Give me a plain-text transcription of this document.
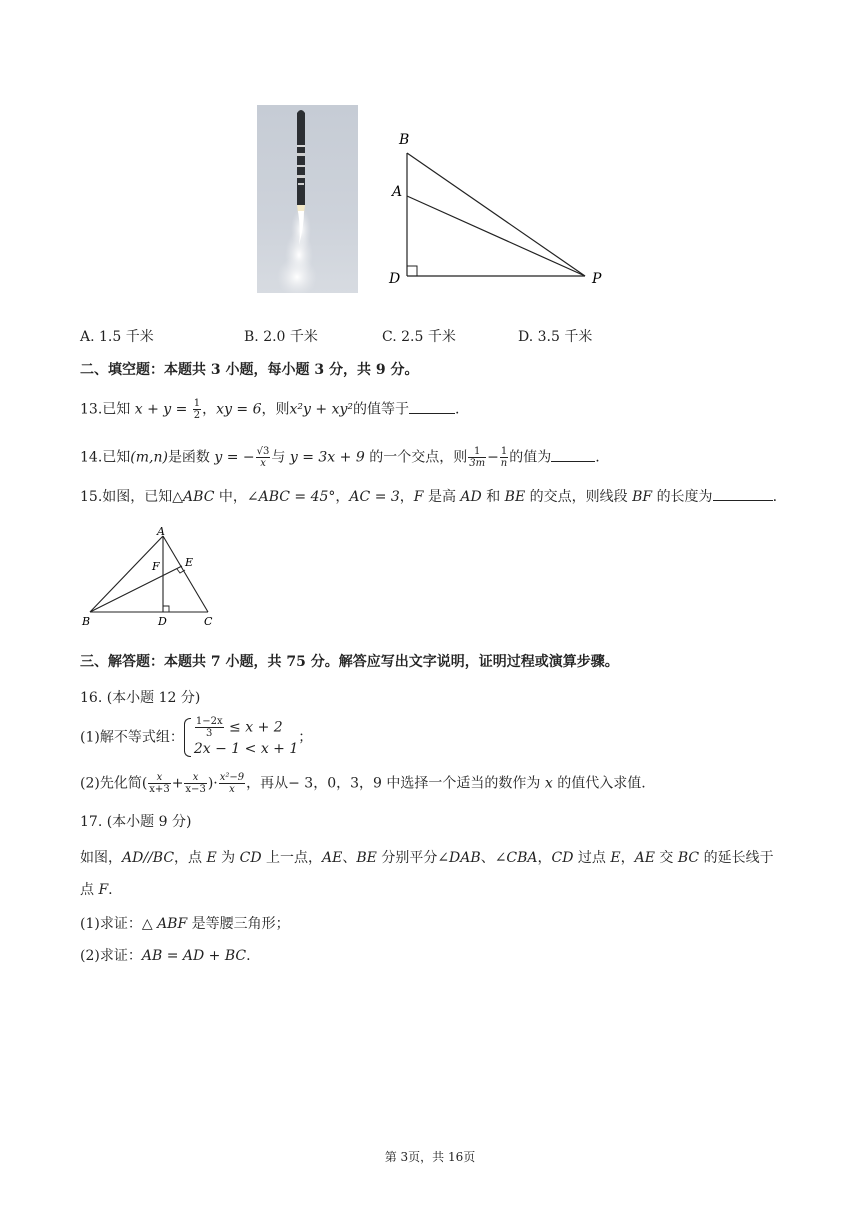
B
A
D	P
A. 1.5 千米	B. 2.0 千米	C. 2.5 千米	D. 3.5 千米
二、填空题：本题共 3 小题，每小题 3 分，共 9 分。
13.已知 $x + y = \frac{1}{2}$ ，xy = 6，则x²y + xy²的值等于	.
14.已知(m,n)是函数 y = − $\frac{√3}{x}$ 与 y = 3x + 9 的一个交点，则 $\frac{1}{3m} - \frac{1}{n}$ 的值为	.
15.如图，已知△ABC 中，∠ABC = 45°，AC = 3，F 是高 AD 和 BE 的交点，则线段 BF 的长度为	.
A
F E
B	D	C
三、解答题：本题共 7 小题，共 75 分。解答应写出文字说明，证明过程或演算步骤。
16. (本小题 12 分)
(1)解不等式组： $\frac{1-2x}{3} \le x + 2$
2x − 1 < x + 1
；
(2)先化简( $\frac{x}{x+3} + \frac{x}{x-3}$ )· $\frac{\text{x²−9}}{x}$ ，再从− 3，0，3，9 中选择一个适当的数作为 x 的值代入求值.
17. (本小题 9 分)
如图，AD//BC，点 E 为 CD 上一点，AE、BE 分别平分∠DAB、∠CBA，CD 过点 E，AE 交 BC 的延长线于
点 F.
(1)求证：△ ABF 是等腰三角形；
(2)求证：AB = AD + BC.
第 3页，共 16页
